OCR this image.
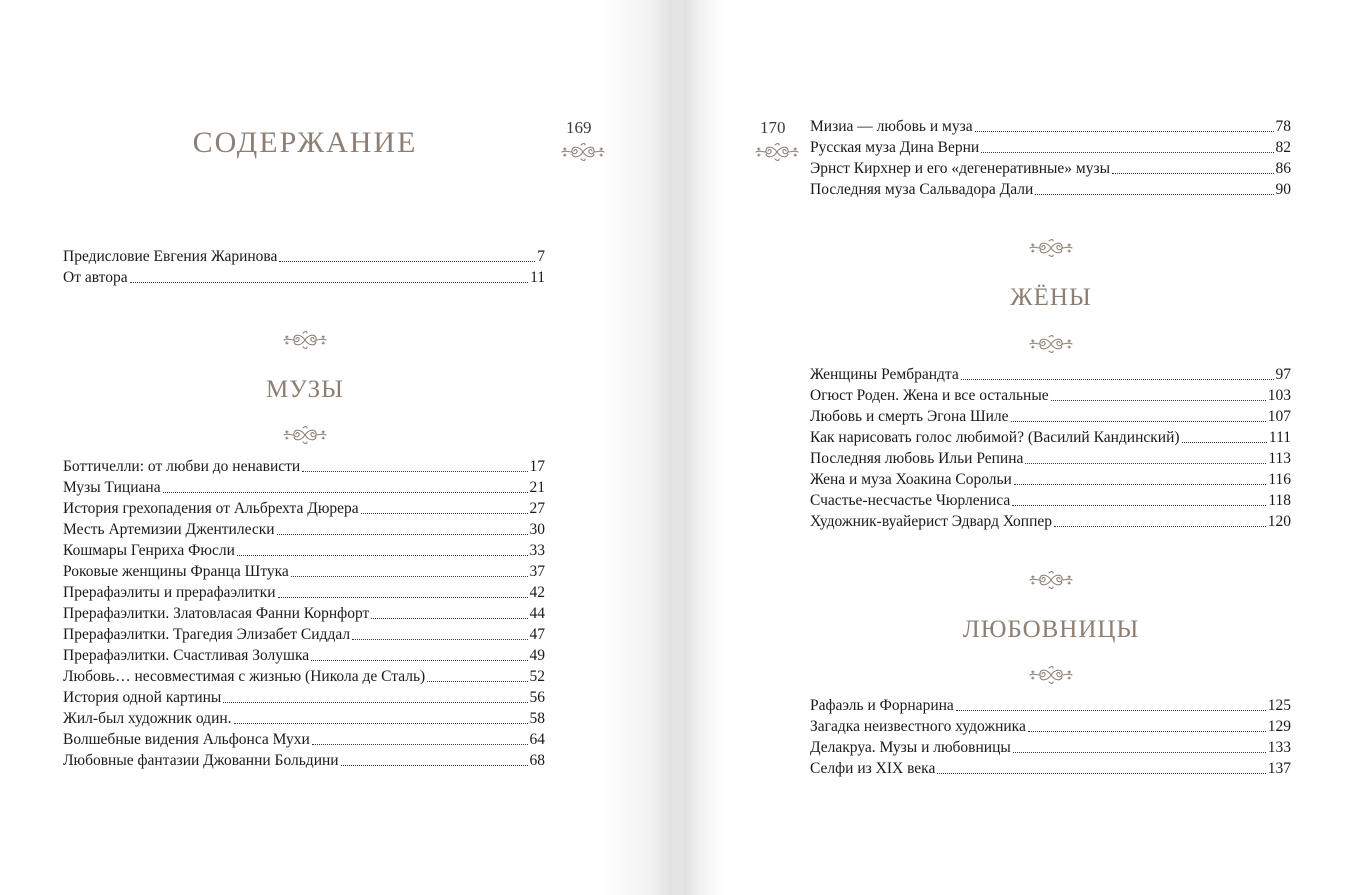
169
СОДЕРЖАНИЕ
Предисловие Евгения Жаринова	7
От автора	11
МУЗЫ
Боттичелли: от любви до ненависти	17
Музы Тициана	21
История грехопадения от Альбрехта Дюрера	27
Месть Артемизии Джентилески	30
Кошмары Генриха Фюсли	33
Роковые женщины Франца Штука	37
Прерафаэлиты и прерафаэлитки	42
Прерафаэлитки. Златовласая Фанни Корнфорт	44
Прерафаэлитки. Трагедия Элизабет Сиддал	47
Прерафаэлитки. Счастливая Золушка	49
Любовь… несовместимая с жизнью (Никола де Сталь)	52
История одной картины	56
Жил-был художник один.	58
Волшебные видения Альфонса Мухи	64
Любовные фантазии Джованни Больдини	68
170 Мизиа — любовь и муза	78
Русская муза Дина Верни	82
Эрнст Кирхнер и его «дегенеративные» музы	86
Последняя муза Сальвадора Дали	90
ЖЁНЫ
Женщины Рембрандта	97
Огюст Роден. Жена и все остальные	103
Любовь и смерть Эгона Шиле	107
Как нарисовать голос любимой? (Василий Кандинский)	111
Последняя любовь Ильи Репина	113
Жена и муза Хоакина Сорольи	116
Счастье-несчастье Чюрлениса	118
Художник-вуайерист Эдвард Хоппер	120
ЛЮБОВНИЦЫ
Рафаэль и Форнарина	125
Загадка неизвестного художника	129
Делакруа. Музы и любовницы	133
Селфи из XIX века	137
